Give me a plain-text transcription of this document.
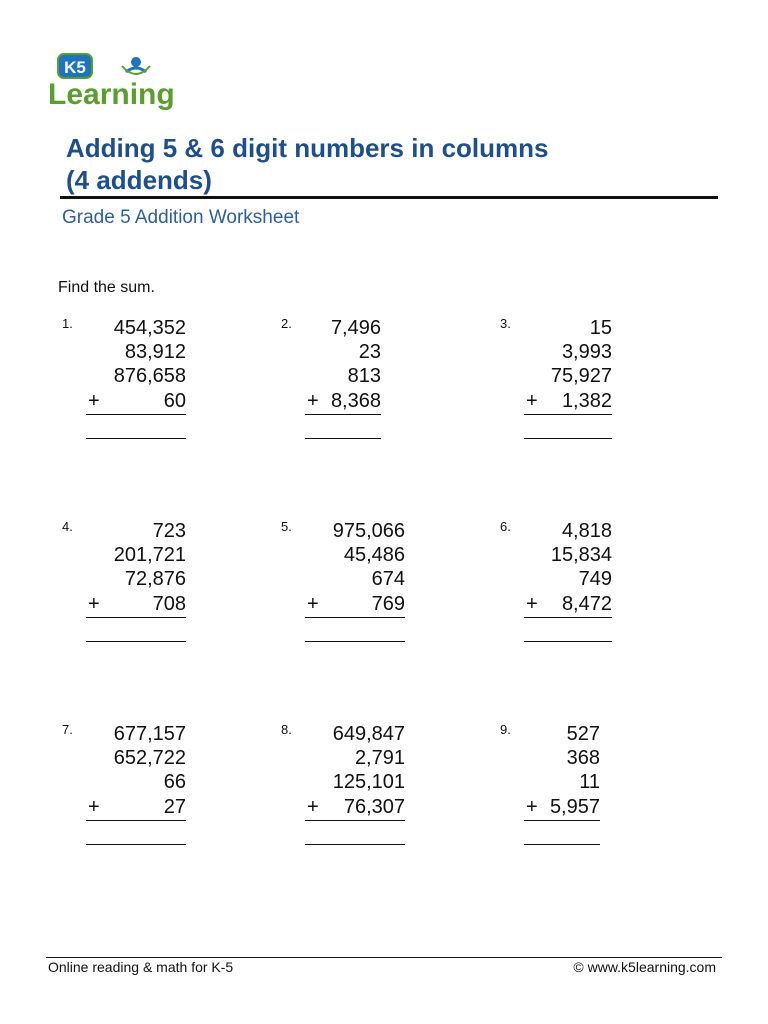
K5
Learning
Adding 5 & 6 digit numbers in columns
(4 addends)
Grade 5 Addition Worksheet
Find the sum.
1.	454,352
83,912
876,658
+	60
2.	7,496
23
813
+ 8,368
3.	15
3,993
75,927
+	1,382
4.	723
201,721
72,876
+	708
5.	975,066
45,486
674
+	769
6.	4,818
15,834
749
+	8,472
7.	677,157
652,722
66
+	27
8.	649,847
2,791
125,101
+	76,307
9.	527
368
11
+ 5,957
Online reading & math for K-5	© www.k5learning.com
